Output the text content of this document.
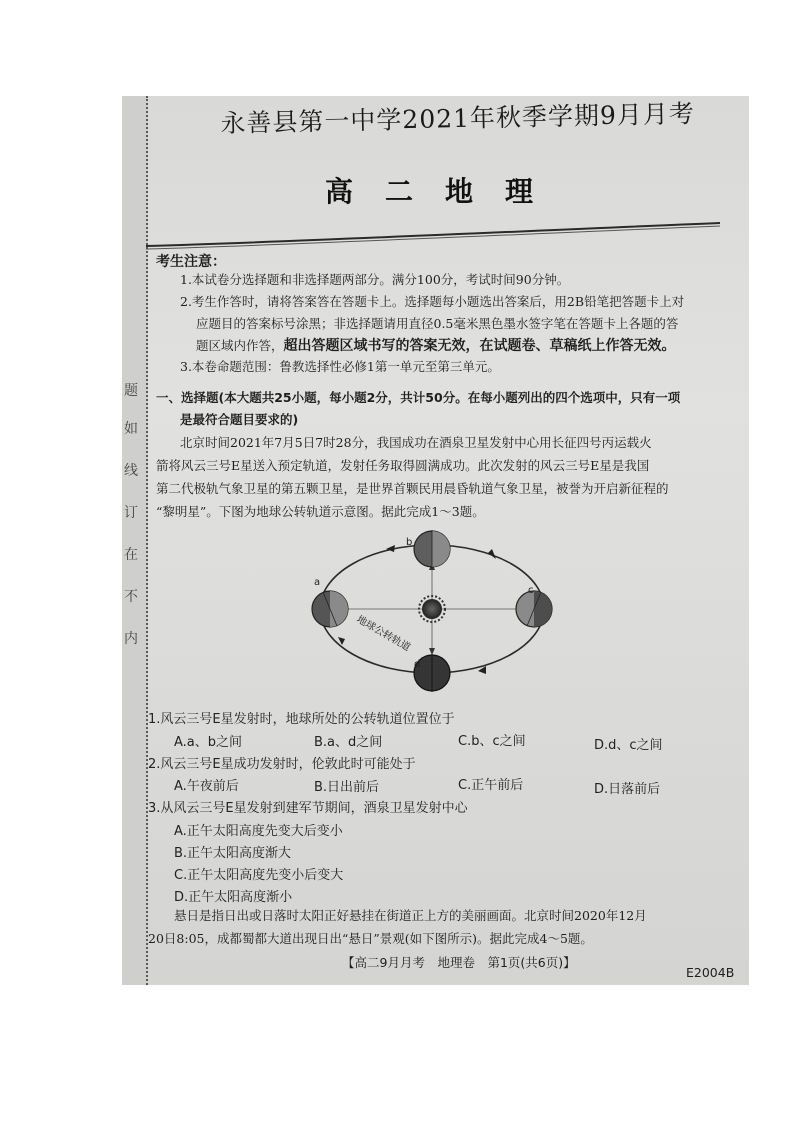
题
如
线
订
在
不
内
永善县第一中学2021年秋季学期9月月考
高二地理
考生注意：
1.本试卷分选择题和非选择题两部分。满分100分，考试时间90分钟。
2.考生作答时，请将答案答在答题卡上。选择题每小题选出答案后，用2B铅笔把答题卡上对
应题目的答案标号涂黑；非选择题请用直径0.5毫米黑色墨水签字笔在答题卡上各题的答
题区域内作答，超出答题区域书写的答案无效，在试题卷、草稿纸上作答无效。
3.本卷命题范围：鲁教选择性必修1第一单元至第三单元。
一、选择题(本大题共25小题，每小题2分，共计50分。在每小题列出的四个选项中，只有一项
是最符合题目要求的)
北京时间2021年7月5日7时28分，我国成功在酒泉卫星发射中心用长征四号丙运载火
箭将风云三号E星送入预定轨道，发射任务取得圆满成功。此次发射的风云三号E星是我国
第二代极轨气象卫星的第五颗卫星，是世界首颗民用晨昏轨道气象卫星，被誉为开启新征程的
“黎明星”。下图为地球公转轨道示意图。据此完成1～3题。
a
b
c
d
地球公转轨道
1.风云三号E星发射时，地球所处的公转轨道位置位于
A.a、b之间	B.a、d之间	C.b、c之间	D.d、c之间
2.风云三号E星成功发射时，伦敦此时可能处于
A.午夜前后	B.日出前后	C.正午前后	D.日落前后
3.从风云三号E星发射到建军节期间，酒泉卫星发射中心
A.正午太阳高度先变大后变小
B.正午太阳高度渐大
C.正午太阳高度先变小后变大
D.正午太阳高度渐小
悬日是指日出或日落时太阳正好悬挂在街道正上方的美丽画面。北京时间2020年12月
20日8:05，成都蜀都大道出现日出“悬日”景观(如下图所示)。据此完成4～5题。
【高二9月月考　地理卷　第1页(共6页)】
E2004B
